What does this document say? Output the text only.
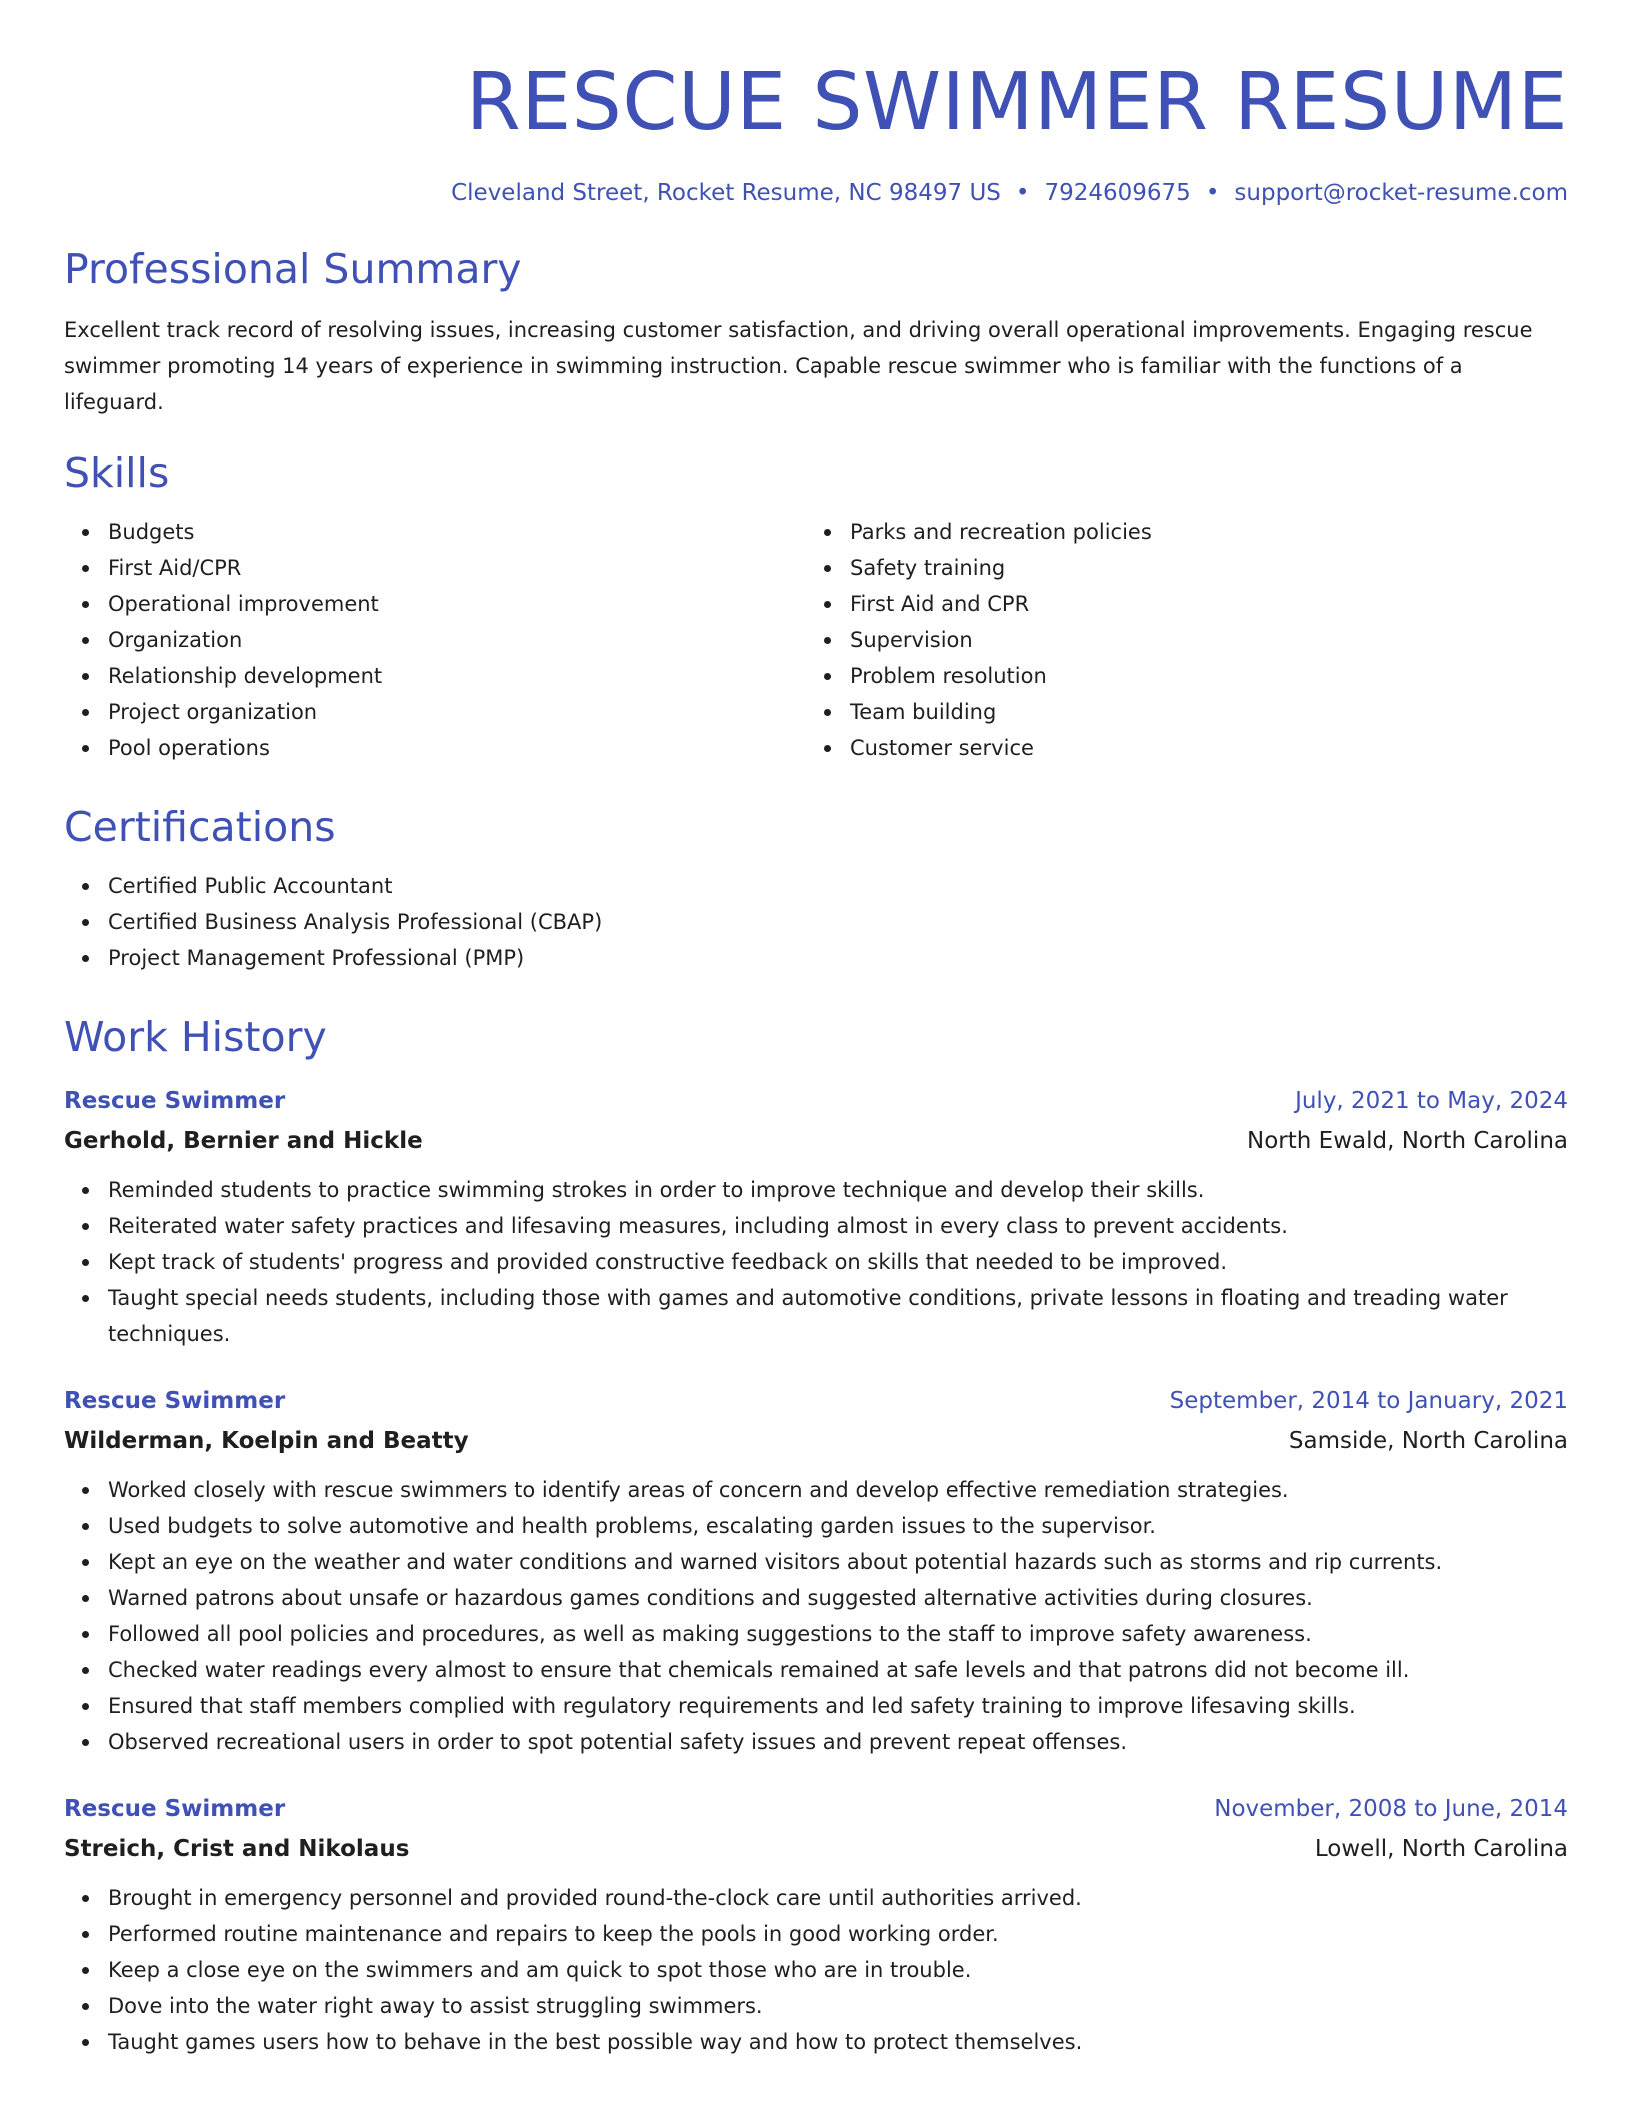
RESCUE SWIMMER RESUME
Cleveland Street, Rocket Resume, NC 98497 US • 7924609675 • support@rocket-resume.com
Professional Summary

Excellent track record of resolving issues, increasing customer satisfaction, and driving overall operational improvements. Engaging rescue swimmer promoting 14 years of experience in swimming instruction. Capable rescue swimmer who is familiar with the functions of a lifeguard.

Skills
Budgets
First Aid/CPR
Operational improvement
Organization
Relationship development
Project organization
Pool operations
Parks and recreation policies
Safety training
First Aid and CPR
Supervision
Problem resolution
Team building
Customer service
Certifications
Certified Public Accountant
Certified Business Analysis Professional (CBAP)
Project Management Professional (PMP)
Work History
Rescue Swimmer	July, 2021 to May, 2024
Gerhold, Bernier and Hickle	North Ewald, North Carolina
Reminded students to practice swimming strokes in order to improve technique and develop their skills.
Reiterated water safety practices and lifesaving measures, including almost in every class to prevent accidents.
Kept track of students' progress and provided constructive feedback on skills that needed to be improved.
Taught special needs students, including those with games and automotive conditions, private lessons in floating and treading water techniques.
Rescue Swimmer	September, 2014 to January, 2021
Wilderman, Koelpin and Beatty	Samside, North Carolina
Worked closely with rescue swimmers to identify areas of concern and develop effective remediation strategies.
Used budgets to solve automotive and health problems, escalating garden issues to the supervisor.
Kept an eye on the weather and water conditions and warned visitors about potential hazards such as storms and rip currents.
Warned patrons about unsafe or hazardous games conditions and suggested alternative activities during closures.
Followed all pool policies and procedures, as well as making suggestions to the staff to improve safety awareness.
Checked water readings every almost to ensure that chemicals remained at safe levels and that patrons did not become ill.
Ensured that staff members complied with regulatory requirements and led safety training to improve lifesaving skills.
Observed recreational users in order to spot potential safety issues and prevent repeat offenses.
Rescue Swimmer	November, 2008 to June, 2014
Streich, Crist and Nikolaus	Lowell, North Carolina
Brought in emergency personnel and provided round-the-clock care until authorities arrived.
Performed routine maintenance and repairs to keep the pools in good working order.
Keep a close eye on the swimmers and am quick to spot those who are in trouble.
Dove into the water right away to assist struggling swimmers.
Taught games users how to behave in the best possible way and how to protect themselves.
